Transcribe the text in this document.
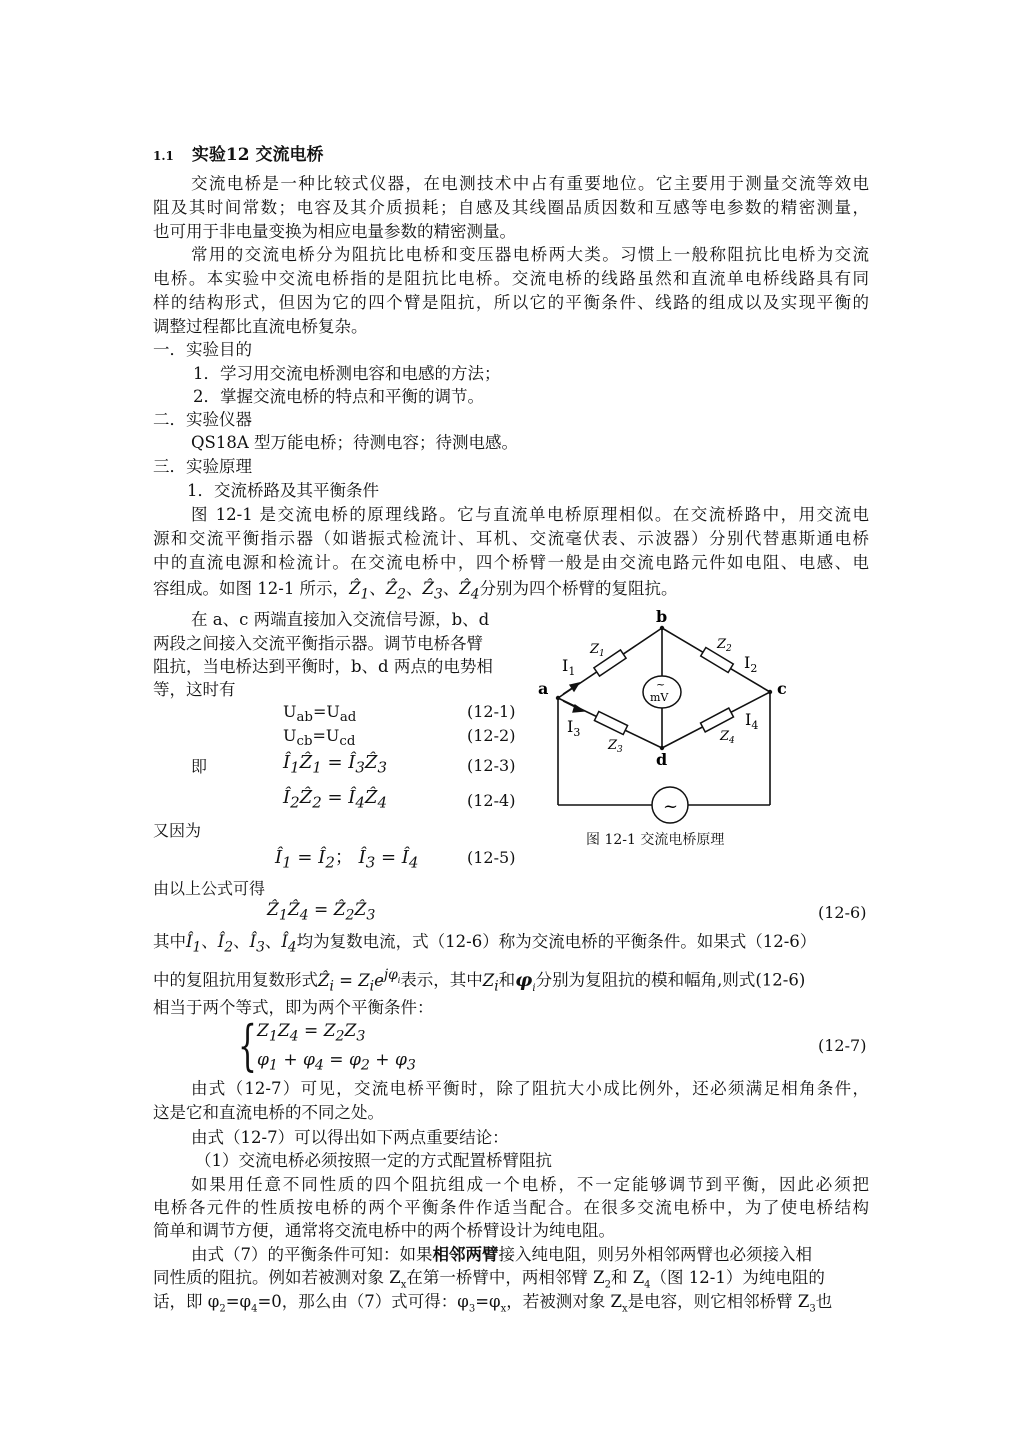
1.1 实验12 交流电桥
交流电桥是一种比较式仪器，在电测技术中占有重要地位。它主要用于测量交流等效电
阻及其时间常数；电容及其介质损耗；自感及其线圈品质因数和互感等电参数的精密测量，
也可用于非电量变换为相应电量参数的精密测量。
常用的交流电桥分为阻抗比电桥和变压器电桥两大类。习惯上一般称阻抗比电桥为交流
电桥。本实验中交流电桥指的是阻抗比电桥。交流电桥的线路虽然和直流单电桥线路具有同
样的结构形式，但因为它的四个臂是阻抗，所以它的平衡条件、线路的组成以及实现平衡的
调整过程都比直流电桥复杂。
一．实验目的
1．学习用交流电桥测电容和电感的方法；
2．掌握交流电桥的特点和平衡的调节。
二．实验仪器
QS18A 型万能电桥；待测电容；待测电感。
三．实验原理
1．交流桥路及其平衡条件
图 12-1 是交流电桥的原理线路。它与直流单电桥原理相似。在交流桥路中，用交流电
源和交流平衡指示器（如谐振式检流计、耳机、交流毫伏表、示波器）分别代替惠斯通电桥
中的直流电源和检流计。在交流电桥中，四个桥臂一般是由交流电路元件如电阻、电感、电
容组成。如图 12-1 所示，Ẑ$_1$、Ẑ$_2$、Ẑ$_3$、Ẑ$_4$分别为四个桥臂的复阻抗。
在 a、c 两端直接加入交流信号源，b、d
两段之间接入交流平衡指示器。调节电桥各臂
阻抗，当电桥达到平衡时，b、d 两点的电势相
等，这时有
$U_{ab}=U_{ad}$	(12-1)
$U_{cb}=U_{cd}$	(12-2)
即	$Î_1Ẑ_1$ = $Î_3Ẑ_3$	(12-3)
$Î_2Ẑ_2$ = $Î_4Ẑ_4$	(12-4)
又因为
$Î_1$ = $Î_2$； $Î_3$ = $Î_4$	(12-5)
由以上公式可得
Ẑ$_1$Ẑ$_4$ = Ẑ$_2$Ẑ$_3$	(12-6)
a
b
c
d
$Z_1$
$Z_2$
$Z_3$
$Z_4$
$I_1$	$I_2$
$I_3$
$I_4$
~
mV
~
图 12-1 交流电桥原理
其中$Î_1$、$Î_2$、$Î_3$、$Î_4$均为复数电流，式（12-6）称为交流电桥的平衡条件。如果式（12-6）
中的复阻抗用复数形式Ẑ$_i$ = $Z_ie^{j\varphi_i}$表示，其中$Z_i$和$\varphi_i$分别为复阻抗的模和幅角,则式(12-6)
相当于两个等式，即为两个平衡条件：
{ $Z_1Z_4 = Z_2Z_3$
$\varphi_1 + \varphi_4 = \varphi_2 + \varphi_3$
(12-7)
由式（12-7）可见，交流电桥平衡时，除了阻抗大小成比例外，还必须满足相角条件，
这是它和直流电桥的不同之处。
由式（12-7）可以得出如下两点重要结论：
（1）交流电桥必须按照一定的方式配置桥臂阻抗
如果用任意不同性质的四个阻抗组成一个电桥，不一定能够调节到平衡，因此必须把
电桥各元件的性质按电桥的两个平衡条件作适当配合。在很多交流电桥中，为了使电桥结构
简单和调节方便，通常将交流电桥中的两个桥臂设计为纯电阻。
由式（7）的平衡条件可知：如果相邻两臂接入纯电阻，则另外相邻两臂也必须接入相
同性质的阻抗。例如若被测对象 $Z_x$在第一桥臂中，两相邻臂 $Z_2$和 $Z_4$（图 12-1）为纯电阻的
话，即 $\varphi_2=\varphi_4=0$，那么由（7）式可得：$\varphi_3=\varphi_x$，若被测对象 $Z_x$是电容，则它相邻桥臂 $Z_3$也
